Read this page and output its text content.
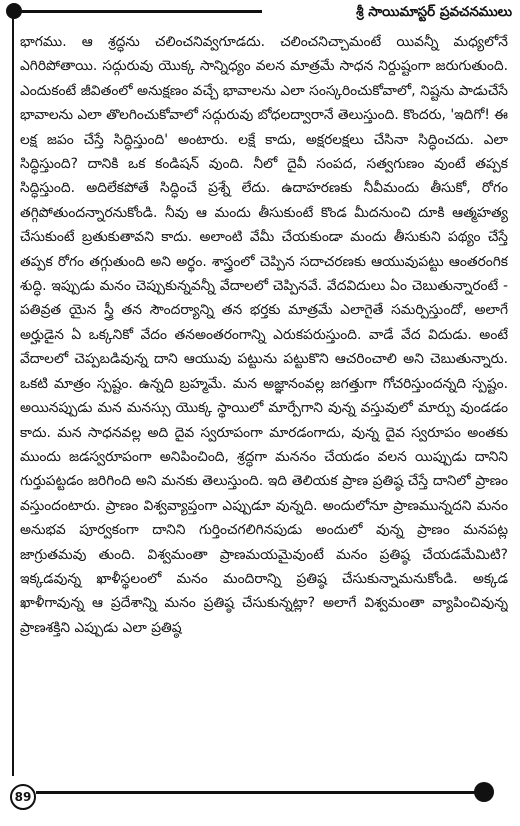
శ్రీ సాయిమాస్టర్ ప్రవచనములు

భాగము. ఆ శ్రద్ధను చలించనివ్వగూడదు. చలించనిచ్చామంటే యివన్నీ మధ్యలోనే ఎగిరిపోతాయి. సద్గురువు యొక్క సాన్నిధ్యం వలన మాత్రమే సాధన నిర్దుష్టంగా జరుగుతుంది. ఎందుకంటే జీవితంలో అనుక్షణం వచ్చే భావాలను ఎలా సంస్కరించుకోవాలో, నిష్టను పాడుచేసే భావాలను ఎలా తొలగించుకోవాలో సద్గురువు బోధలద్వారానే తెలుస్తుంది. కొందరు, 'ఇదిగో! ఈ లక్ష జపం చేస్తే సిద్ధిస్తుంది' అంటారు. లక్షే కాదు, అక్షరలక్షలు చేసినా సిద్ధించదు. ఎలా సిద్ధిస్తుంది? దానికి ఒక కండిషన్ వుంది. నీలో దైవీ సంపద, సత్వగుణం వుంటే తప్పక సిద్ధిస్తుంది. అదిలేకపోతే సిద్ధించే ప్రశ్నే లేదు. ఉదాహరణకు నీవీమందు తీసుకో, రోగం తగ్గిపోతుందన్నారనుకోండి. నీవు ఆ మందు తీసుకుంటే కొండ మీదనుంచి దూకి ఆత్మహత్య చేసుకుంటే బ్రతుకుతావని కాదు. అలాంటి వేమీ చేయకుండా మందు తీసుకుని పథ్యం చేస్తే తప్పక రోగం తగ్గుతుంది అని అర్థం. శాస్త్రంలో చెప్పిన సదాచరణకు ఆయువుపట్టు ఆంతరంగిక శుద్ధి. ఇప్పుడు మనం చెప్పుకున్నవన్నీ వేదాలలో చెప్పినవే. వేదవిదులు ఏం చెబుతున్నారంటే - పతివ్రత యైన స్త్రీ తన సౌందర్యాన్ని తన భర్తకు మాత్రమే ఎలాగైతే సమర్పిస్తుందో, అలాగే అర్హుడైన ఏ ఒక్కనికో వేదం తనఅంతరంగాన్ని ఎరుకపరుస్తుంది. వాడే వేద విదుడు. అంటే వేదాలలో చెప్పబడివున్న దాని ఆయువు పట్టును పట్టుకొని ఆచరించాలి అని చెబుతున్నారు. ఒకటి మాత్రం స్పష్టం. ఉన్నది బ్రహ్మమే. మన అజ్ఞానంవల్ల జగత్తుగా గోచరిస్తుందన్నది స్పష్టం. అయినప్పుడు మన మనస్సు యొక్క స్థాయిలో మార్పేగాని వున్న వస్తువులో మార్పు వుండడం కాదు. మన సాధనవల్ల అది దైవ స్వరూపంగా మారడంగాదు, వున్న దైవ స్వరూపం అంతకు ముందు జడస్వరూపంగా అనిపించింది, శ్రద్ధగా మననం చేయడం వలన యిప్పుడు దానిని గుర్తుపట్టడం జరిగింది అని మనకు తెలుస్తుంది. ఇది తెలియక ప్రాణ ప్రతిష్ఠ చేస్తే దానిలో ప్రాణం వస్తుందంటారు. ప్రాణం విశ్వవ్యాప్తంగా ఎప్పుడూ వున్నది. అందులోనూ ప్రాణమున్నదని మనం అనుభవ పూర్వకంగా దానిని గుర్తించగలిగినపుడు అందులో వున్న ప్రాణం మనపట్ల జాగ్రుతమవు తుంది. విశ్వమంతా ప్రాణమయమైవుంటే మనం ప్రతిష్ఠ చేయడమేమిటి? ఇక్కడవున్న ఖాళీస్థలంలో మనం మందిరాన్ని ప్రతిష్ఠ చేసుకున్నామనుకోండి. అక్కడ ఖాళీగావున్న ఆ ప్రదేశాన్ని మనం ప్రతిష్ఠ చేసుకున్నట్లా? అలాగే విశ్వమంతా వ్యాపించివున్న ప్రాణశక్తిని ఎప్పుడు ఎలా ప్రతిష్ఠ

89
